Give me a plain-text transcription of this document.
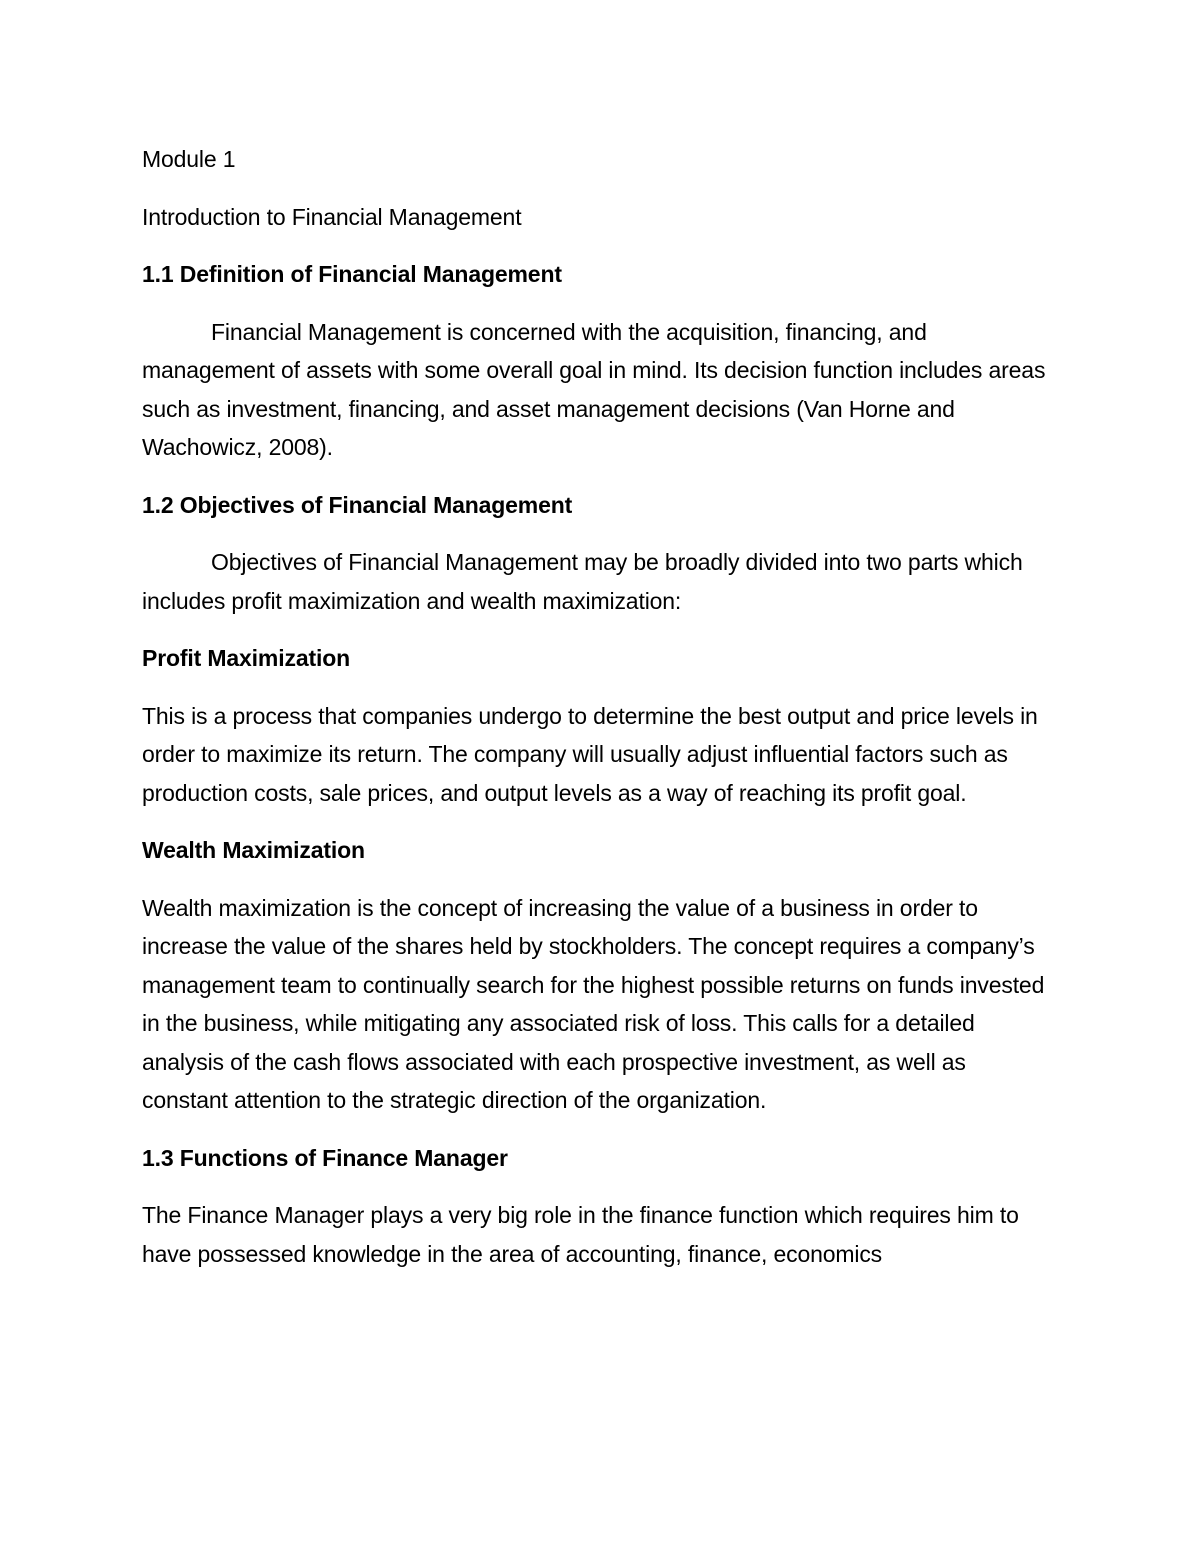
Module 1

Introduction to Financial Management

1.1 Definition of Financial Management

Financial Management is concerned with the acquisition, financing, and management of assets with some overall goal in mind. Its decision function includes areas such as investment, financing, and asset management decisions (Van Horne and Wachowicz, 2008).

1.2 Objectives of Financial Management

Objectives of Financial Management may be broadly divided into two parts which includes profit maximization and wealth maximization:

Profit Maximization

This is a process that companies undergo to determine the best output and price levels in order to maximize its return. The company will usually adjust influential factors such as production costs, sale prices, and output levels as a way of reaching its profit goal.

Wealth Maximization

Wealth maximization is the concept of increasing the value of a business in order to increase the value of the shares held by stockholders. The concept requires a company’s management team to continually search for the highest possible returns on funds invested in the business, while mitigating any associated risk of loss. This calls for a detailed analysis of the cash flows associated with each prospective investment, as well as constant attention to the strategic direction of the organization.

1.3 Functions of Finance Manager

The Finance Manager plays a very big role in the finance function which requires him to have possessed knowledge in the area of accounting, finance, economics
